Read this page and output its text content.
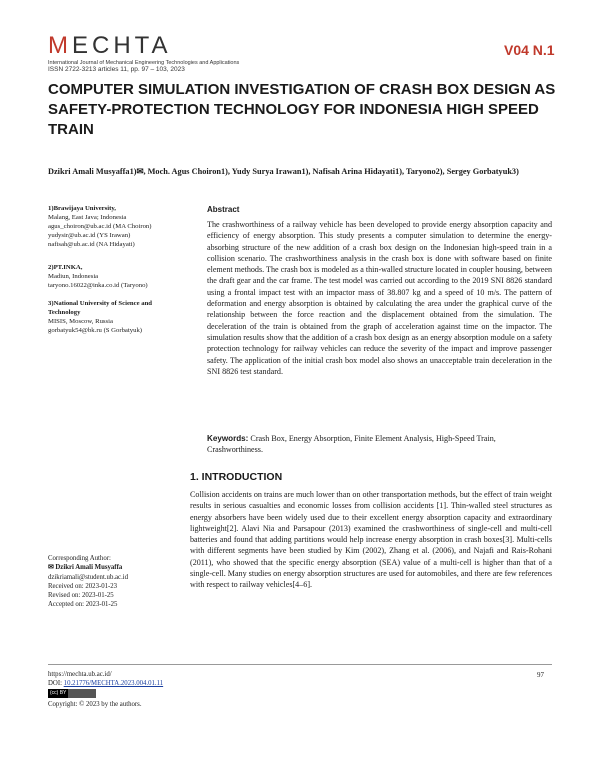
MECHTA
International Journal of Mechanical Engineering Technologies and Applications
ISSN 2722-3213 articles 11, pp. 97 – 103, 2023
V04 N.1
COMPUTER SIMULATION INVESTIGATION OF CRASH BOX DESIGN AS SAFETY-PROTECTION TECHNOLOGY FOR INDONESIA HIGH SPEED TRAIN
Dzikri Amali Musyaffa1)✉, Moch. Agus Choiron1), Yudy Surya Irawan1), Nafisah Arina Hidayati1), Taryono2), Sergey Gorbatyuk3)
1)Brawijaya University,
Malang, East Java; Indonesia
agus_choiron@ub.ac.id (MA Choiron)
yudysir@ub.ac.id (YS Irawan)
nafisah@ub.ac.id (NA Hidayati)
2)PT.INKA,
Madiun, Indonesia
taryono.16022@inka.co.id (Taryono)
3)National University of Science and Technology
MISIS, Moscow, Russia
gorbatyuk54@bk.ru (S Gorbatyuk)
Abstract
The crashworthiness of a railway vehicle has been developed to provide energy absorption capacity and efficiency of energy absorption. This study presents a computer simulation to determine the energy-absorbing structure of the new addition of a crash box design on the Indonesian high-speed train in a collision scenario. The crashworthiness analysis in the crash box is done with software based on finite element methods. The crash box is modeled as a thin-walled structure located in coupler housing, between the draft gear and the car frame. The test model was carried out according to the 2019 SNI 8826 standard using a frontal impact test with an impactor mass of 38.807 kg and a speed of 10 m/s. The pattern of deformation and energy absorption is obtained by calculating the area under the graphical curve of the relationship between the force reaction and the displacement obtained from the simulation. The deceleration of the train is obtained from the graph of acceleration against time on the impactor. The simulation results show that the addition of a crash box design as an energy absorption module on a safety protection technology for railway vehicles can reduce the severity of the impact and improve passenger safety. The application of the initial crash box model also shows an unacceptable train deceleration in the SNI 8826 test standard.
Keywords: Crash Box, Energy Absorption, Finite Element Analysis, High-Speed Train, Crashworthiness.
1. INTRODUCTION
Collision accidents on trains are much lower than on other transportation methods, but the effect of train weight results in serious casualties and economic losses from collision accidents [1]. Thin-walled steel structures as energy absorbers have been widely used due to their excellent energy absorption capacity and extraordinary lightweight[2]. Alavi Nia and Parsapour (2013) examined the crashworthiness of single-cell and multi-cell batteries and found that adding partitions would help increase energy absorption in crash boxes[3]. Multi-cells with different segments have been studied by Kim (2002), Zhang et al. (2006), and Najafi and Rais-Rohani (2011), who showed that the specific energy absorption (SEA) value of a multi-cell is higher than that of a single-cell. Many studies on energy absorption structures are used for automobiles, and there are few references with respect to railway vehicles[4–6].
Corresponding Author:
✉ Dzikri Amali Musyaffa
dzikriamali@student.ub.ac.id
Received on: 2023-01-23
Revised on: 2023-01-25
Accepted on: 2023-01-25
https://mechta.ub.ac.id/
DOI: 10.21776/MECHTA.2023.004.01.11
97
(cc) BY
Copyright: © 2023 by the authors.
